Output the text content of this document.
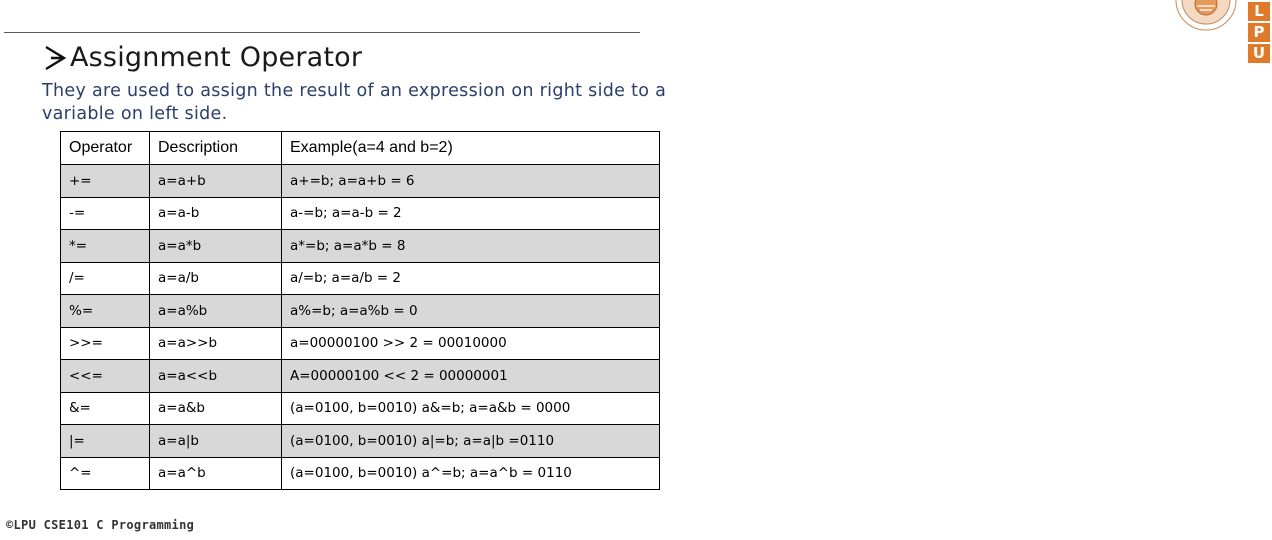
L
P
U
Assignment Operator
They are used to assign the result of an expression on right side to a variable on left side.
Operator	Description	Example(a=4 and b=2)
+=	a=a+b	a+=b; a=a+b = 6
-=	a=a-b	a-=b; a=a-b = 2
*=	a=a*b	a*=b; a=a*b = 8
/=	a=a/b	a/=b; a=a/b = 2
%=	a=a%b	a%=b; a=a%b = 0
>>=	a=a>>b	a=00000100 >> 2 = 00010000
<<=	a=a<<b	A=00000100 << 2 = 00000001
&=	a=a&b	(a=0100, b=0010) a&=b; a=a&b = 0000
|=	a=a|b	(a=0100, b=0010) a|=b; a=a|b =0110
^=	a=a^b	(a=0100, b=0010) a^=b; a=a^b = 0110
©LPU CSE101 C Programming
